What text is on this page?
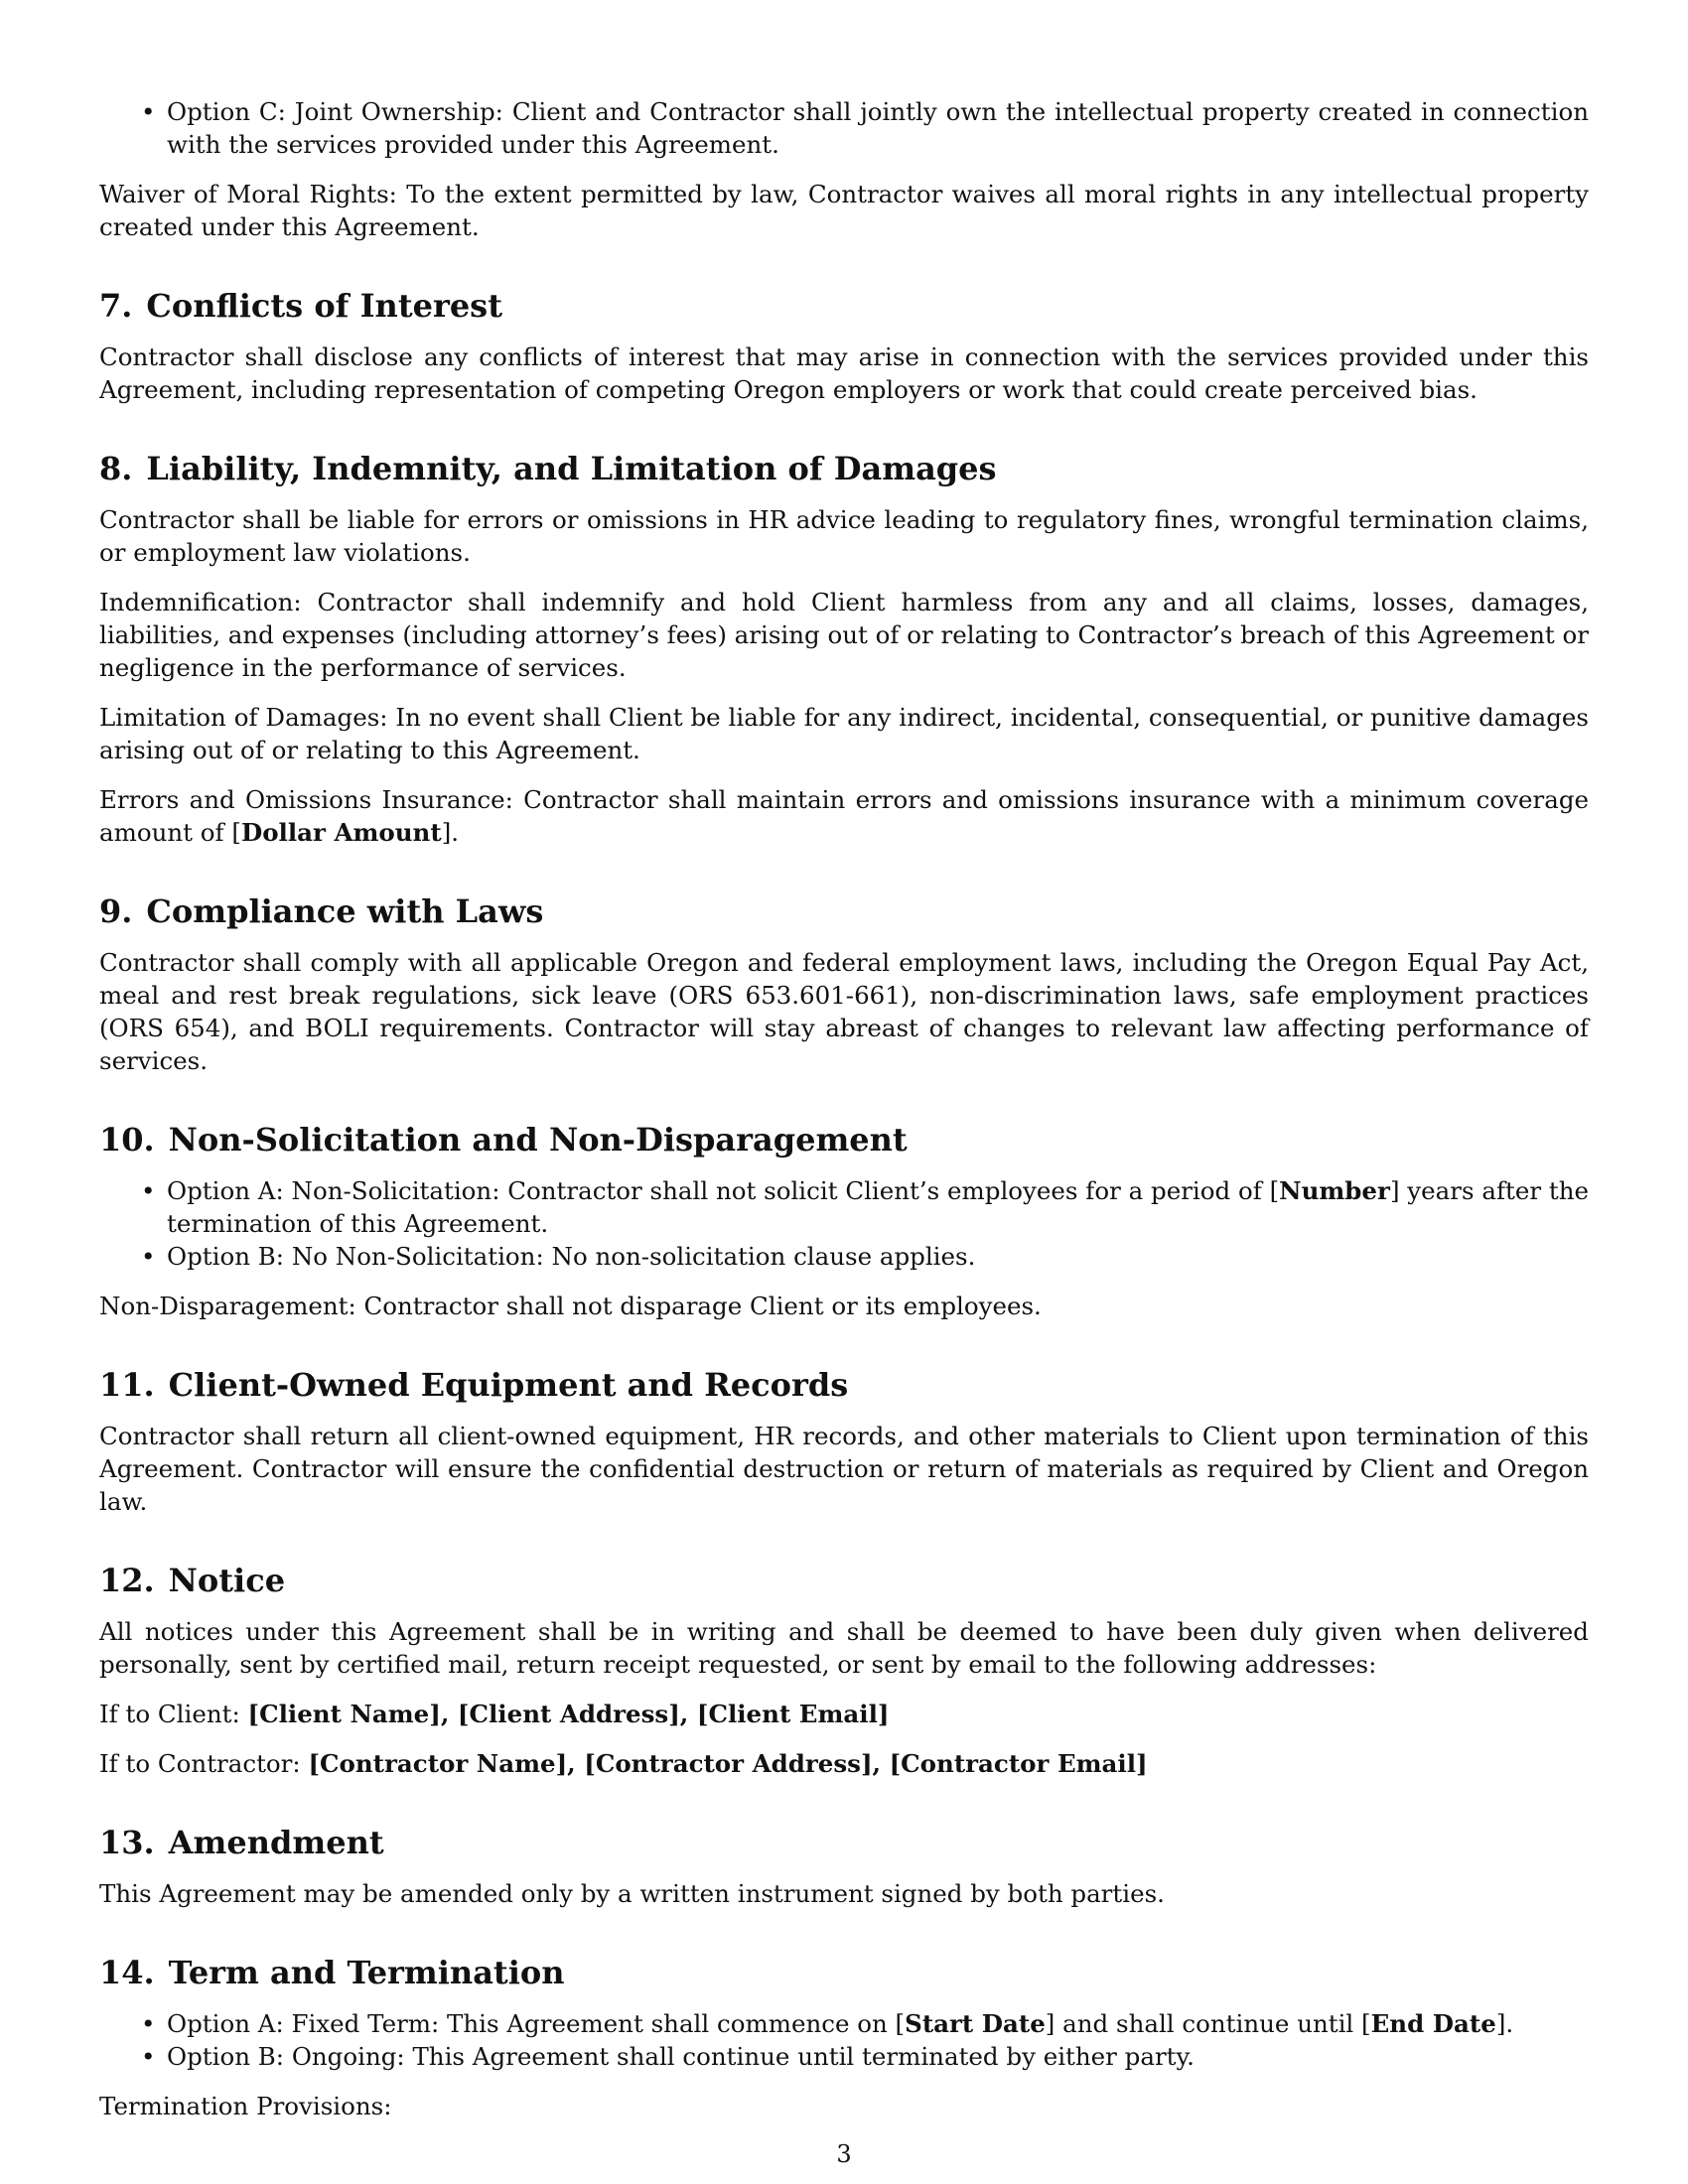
• Option C: Joint Ownership: Client and Contractor shall jointly own the intellectual property created in connection with the services provided under this Agreement.

Waiver of Moral Rights: To the extent permitted by law, Contractor waives all moral rights in any intellectual property created under this Agreement.

7. Conflicts of Interest

Contractor shall disclose any conflicts of interest that may arise in connection with the services provided under this Agreement, including representation of competing Oregon employers or work that could create perceived bias.

8. Liability, Indemnity, and Limitation of Damages

Contractor shall be liable for errors or omissions in HR advice leading to regulatory fines, wrongful termination claims, or employment law violations.

Indemnification: Contractor shall indemnify and hold Client harmless from any and all claims, losses, damages, liabilities, and expenses (including attorney’s fees) arising out of or relating to Contractor’s breach of this Agreement or negligence in the performance of services.

Limitation of Damages: In no event shall Client be liable for any indirect, incidental, consequential, or punitive damages arising out of or relating to this Agreement.

Errors and Omissions Insurance: Contractor shall maintain errors and omissions insurance with a minimum coverage amount of [Dollar Amount].

9. Compliance with Laws

Contractor shall comply with all applicable Oregon and federal employment laws, including the Oregon Equal Pay Act, meal and rest break regulations, sick leave (ORS 653.601-661), non-discrimination laws, safe employment practices (ORS 654), and BOLI requirements. Contractor will stay abreast of changes to relevant law affecting performance of services.

10. Non-Solicitation and Non-Disparagement
• Option A: Non-Solicitation: Contractor shall not solicit Client’s employees for a period of [Number] years after the termination of this Agreement.
• Option B: No Non-Solicitation: No non-solicitation clause applies.

Non-Disparagement: Contractor shall not disparage Client or its employees.

11. Client-Owned Equipment and Records

Contractor shall return all client-owned equipment, HR records, and other materials to Client upon termination of this Agreement. Contractor will ensure the confidential destruction or return of materials as required by Client and Oregon law.

12. Notice

All notices under this Agreement shall be in writing and shall be deemed to have been duly given when delivered personally, sent by certified mail, return receipt requested, or sent by email to the following addresses:

If to Client: [Client Name], [Client Address], [Client Email]

If to Contractor: [Contractor Name], [Contractor Address], [Contractor Email]

13. Amendment

This Agreement may be amended only by a written instrument signed by both parties.

14. Term and Termination
• Option A: Fixed Term: This Agreement shall commence on [Start Date] and shall continue until [End Date].
• Option B: Ongoing: This Agreement shall continue until terminated by either party.

Termination Provisions:

3
